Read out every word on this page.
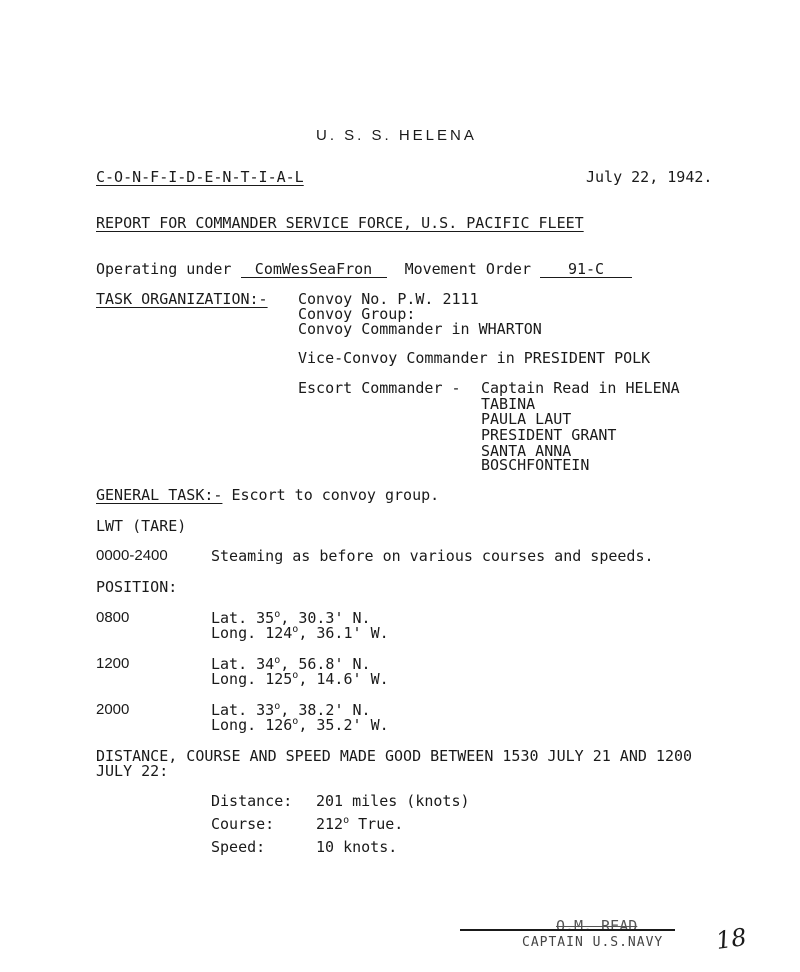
U. S. S. HELENA
C-O-N-F-I-D-E-N-T-I-A-L	July 22, 1942.
REPORT FOR COMMANDER SERVICE FORCE, U.S. PACIFIC FLEET
Operating under ComWesSeaFron Movement Order 91-C
TASK ORGANIZATION:- Convoy No. P.W. 2111
Convoy Group:
Convoy Commander in WHARTON
Vice-Convoy Commander in PRESIDENT POLK
Escort Commander - Captain Read in HELENA
TABINA
PAULA LAUT
PRESIDENT GRANT
SANTA ANNA
BOSCHFONTEIN
GENERAL TASK:- Escort to convoy group.
LWT (TARE)
0000-2400	Steaming as before on various courses and speeds.
POSITION:
0800	Lat. 35$^o$, 30.3' N.
Long. 124$^o$, 36.1' W.
1200	Lat. 34$^o$, 56.8' N.
Long. 125$^o$, 14.6' W.
2000	Lat. 33$^o$, 38.2' N.
Long. 126$^o$, 35.2' W.
DISTANCE, COURSE AND SPEED MADE GOOD BETWEEN 1530 JULY 21 AND 1200
JULY 22:
Distance: 201 miles (knots)
Course:	212$^o$ True.
Speed:	10 knots.
O.M. READ
CAPTAIN U.S.NAVY 18
